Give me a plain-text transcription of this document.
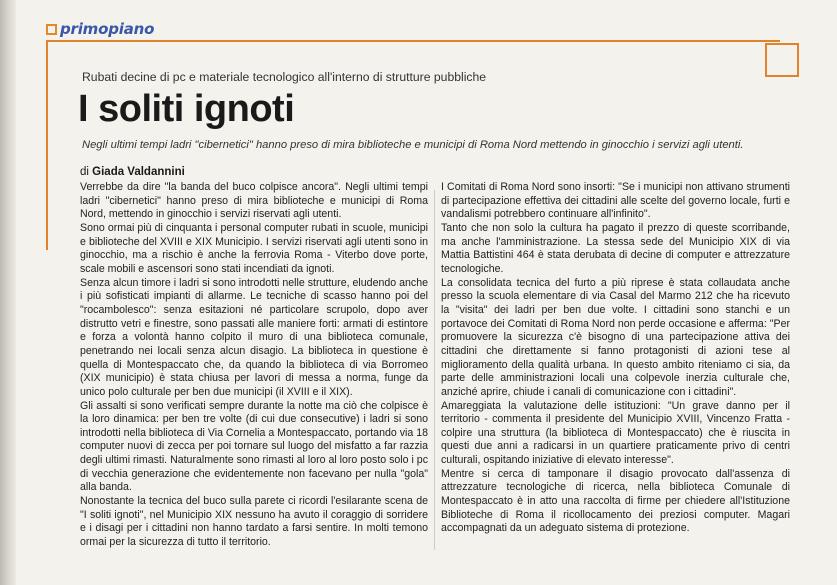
primopiano
Rubati decine di pc e materiale tecnologico all'interno di strutture pubbliche
I soliti ignoti
Negli ultimi tempi ladri "cibernetici" hanno preso di mira biblioteche e municipi di Roma Nord mettendo in ginocchio i servizi agli utenti.
di Giada Valdannini

Verrebbe da dire "la banda del buco colpisce ancora". Negli ultimi tempi ladri "cibernetici" hanno preso di mira biblioteche e municipi di Roma Nord, mettendo in ginocchio i servizi riservati agli utenti.

Sono ormai più di cinquanta i personal computer rubati in scuole, municipi e biblioteche del XVIII e XIX Municipio. I servizi riservati agli utenti sono in ginocchio, ma a rischio è anche la ferrovia Roma - Viterbo dove porte, scale mobili e ascensori sono stati incendiati da ignoti.

Senza alcun timore i ladri si sono introdotti nelle strutture, eludendo anche i più sofisticati impianti di allarme. Le tecniche di scasso hanno poi del "rocambolesco": senza esitazioni né particolare scrupolo, dopo aver distrutto vetri e finestre, sono passati alle maniere forti: armati di estintore e forza a volontà hanno colpito il muro di una biblioteca comunale, penetrando nei locali senza alcun disagio. La biblioteca in questione è quella di Montespaccato che, da quando la biblioteca di via Borromeo (XIX municipio) è stata chiusa per lavori di messa a norma, funge da unico polo culturale per ben due municipi (il XVIII e il XIX).

Gli assalti si sono verificati sempre durante la notte ma ciò che colpisce è la loro dinamica: per ben tre volte (di cui due consecutive) i ladri si sono introdotti nella biblioteca di Via Cornelia a Montespaccato, portando via 18 computer nuovi di zecca per poi tornare sul luogo del misfatto a far razzia degli ultimi rimasti. Naturalmente sono rimasti al loro al loro posto solo i pc di vecchia generazione che evidentemente non facevano per nulla "gola" alla banda.

Nonostante la tecnica del buco sulla parete ci ricordi l'esilarante scena de "I soliti ignoti", nel Municipio XIX nessuno ha avuto il coraggio di sorridere e i disagi per i cittadini non hanno tardato a farsi sentire. In molti temono ormai per la sicurezza di tutto il territorio.

I Comitati di Roma Nord sono insorti: "Se i municipi non attivano strumenti di partecipazione effettiva dei cittadini alle scelte del governo locale, furti e vandalismi potrebbero continuare all'infinito".

Tanto che non solo la cultura ha pagato il prezzo di queste scorribande, ma anche l'amministrazione. La stessa sede del Municipio XIX di via Mattia Battistini 464 è stata derubata di decine di computer e attrezzature tecnologiche.

La consolidata tecnica del furto a più riprese è stata collaudata anche presso la scuola elementare di via Casal del Marmo 212 che ha ricevuto la "visita" dei ladri per ben due volte. I cittadini sono stanchi e un portavoce dei Comitati di Roma Nord non perde occasione e afferma: "Per promuovere la sicurezza c'è bisogno di una partecipazione attiva dei cittadini che direttamente si fanno protagonisti di azioni tese al miglioramento della qualità urbana. In questo ambito riteniamo ci sia, da parte delle amministrazioni locali una colpevole inerzia culturale che, anziché aprire, chiude i canali di comunicazione con i cittadini".

Amareggiata la valutazione delle istituzioni: "Un grave danno per il territorio - commenta il presidente del Municipio XVIII, Vincenzo Fratta - colpire una struttura (la biblioteca di Montespaccato) che è riuscita in questi due anni a radicarsi in un quartiere praticamente privo di centri culturali, ospitando iniziative di elevato interesse".

Mentre si cerca di tamponare il disagio provocato dall'assenza di attrezzature tecnologiche di ricerca, nella biblioteca Comunale di Montespaccato è in atto una raccolta di firme per chiedere all'Istituzione Biblioteche di Roma il ricollocamento dei preziosi computer. Magari accompagnati da un adeguato sistema di protezione.
